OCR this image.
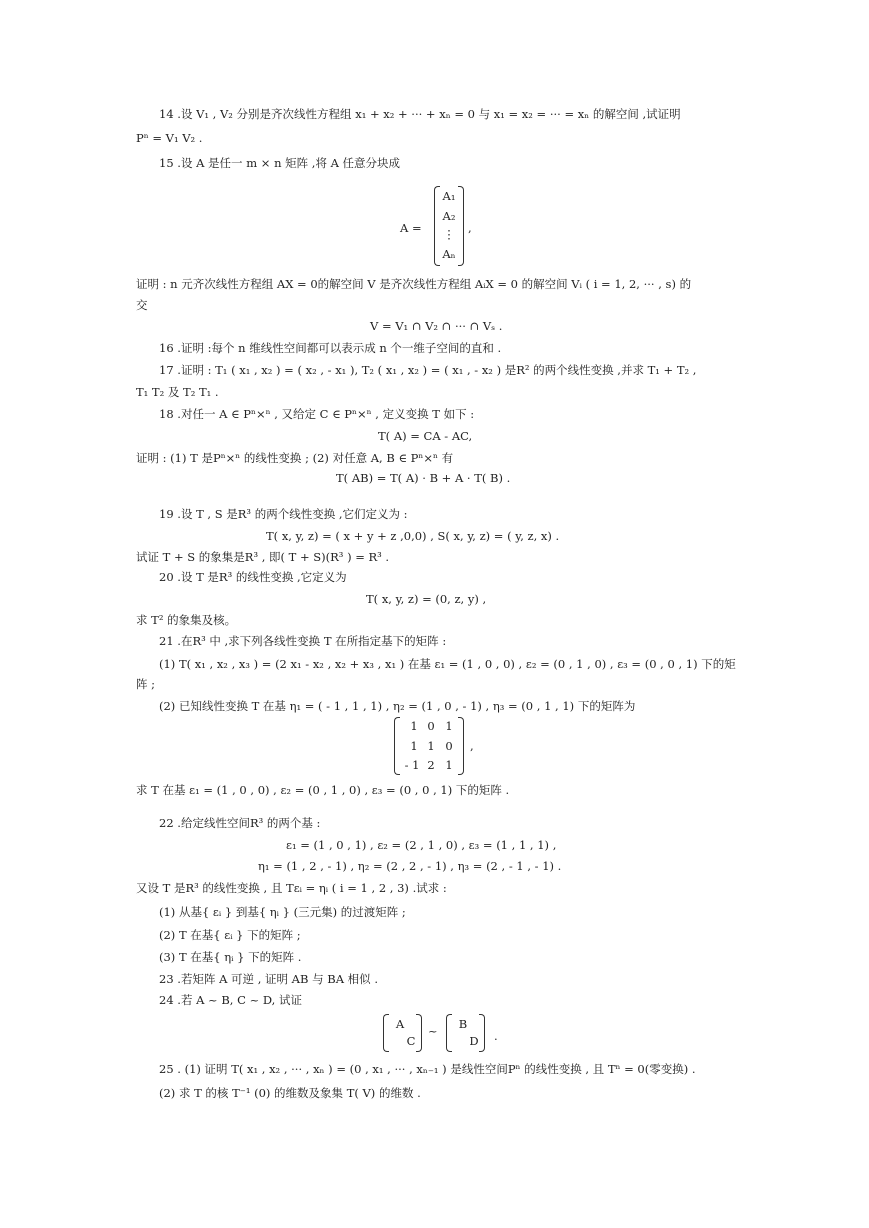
14 .设 V₁ , V₂ 分别是齐次线性方程组 x₁ + x₂ + ··· + xₙ = 0 与 x₁ = x₂ = ··· = xₙ 的解空间 ,试证明
Pⁿ = V₁ V₂ .
15 .设 A 是任一 m × n 矩阵 ,将 A 任意分块成
A =
A₁
A₂
⋮
Aₙ
,
证明 : n 元齐次线性方程组 AX = 0的解空间 V 是齐次线性方程组 AᵢX = 0 的解空间 Vᵢ ( i = 1, 2, ··· , s) 的
交
V = V₁ ∩ V₂ ∩ ··· ∩ Vₛ .
16 .证明 :每个 n 维线性空间都可以表示成 n 个一维子空间的直和 .
17 .证明 : T₁ ( x₁ , x₂ ) = ( x₂ , - x₁ ), T₂ ( x₁ , x₂ ) = ( x₁ , - x₂ ) 是R² 的两个线性变换 ,并求 T₁ + T₂ ,
T₁ T₂ 及 T₂ T₁ .
18 .对任一 A ∈ Pⁿ×ⁿ , 又给定 C ∈ Pⁿ×ⁿ , 定义变换 T 如下 :
T( A) = CA - AC,
证明 : (1) T 是Pⁿ×ⁿ 的线性变换 ; (2) 对任意 A, B ∈ Pⁿ×ⁿ 有
T( AB) = T( A) · B + A · T( B) .
19 .设 T , S 是R³ 的两个线性变换 ,它们定义为 :
T( x, y, z) = ( x + y + z ,0,0) , S( x, y, z) = ( y, z, x) .
试证 T + S 的象集是R³ , 即( T + S)(R³ ) = R³ .
20 .设 T 是R³ 的线性变换 ,它定义为
T( x, y, z) = (0, z, y) ,
求 T² 的象集及核。
21 .在R³ 中 ,求下列各线性变换 T 在所指定基下的矩阵 :
(1) T( x₁ , x₂ , x₃ ) = (2 x₁ - x₂ , x₂ + x₃ , x₁ ) 在基 ε₁ = (1 , 0 , 0) , ε₂ = (0 , 1 , 0) , ε₃ = (0 , 0 , 1) 下的矩
阵 ;
(2) 已知线性变换 T 在基 η₁ = ( - 1 , 1 , 1) , η₂ = (1 , 0 , - 1) , η₃ = (0 , 1 , 1) 下的矩阵为
1 0 1
1 1 0
- 1 2 1
,
求 T 在基 ε₁ = (1 , 0 , 0) , ε₂ = (0 , 1 , 0) , ε₃ = (0 , 0 , 1) 下的矩阵 .
22 .给定线性空间R³ 的两个基 :
ε₁ = (1 , 0 , 1) , ε₂ = (2 , 1 , 0) , ε₃ = (1 , 1 , 1) ,
η₁ = (1 , 2 , - 1) , η₂ = (2 , 2 , - 1) , η₃ = (2 , - 1 , - 1) .
又设 T 是R³ 的线性变换 , 且 Tεᵢ = ηᵢ ( i = 1 , 2 , 3) .试求 :
(1) 从基{ εᵢ } 到基{ ηᵢ } (三元集) 的过渡矩阵 ;
(2) T 在基{ εᵢ } 下的矩阵 ;
(3) T 在基{ ηᵢ } 下的矩阵 .
23 .若矩阵 A 可逆 , 证明 AB 与 BA 相似 .
24 .若 A ~ B, C ~ D, 试证
A
C
~	B
D	.
25 . (1) 证明 T( x₁ , x₂ , ··· , xₙ ) = (0 , x₁ , ··· , xₙ₋₁ ) 是线性空间Pⁿ 的线性变换 , 且 Tⁿ = 0(零变换) .
(2) 求 T 的核 T⁻¹ (0) 的维数及象集 T( V) 的维数 .
